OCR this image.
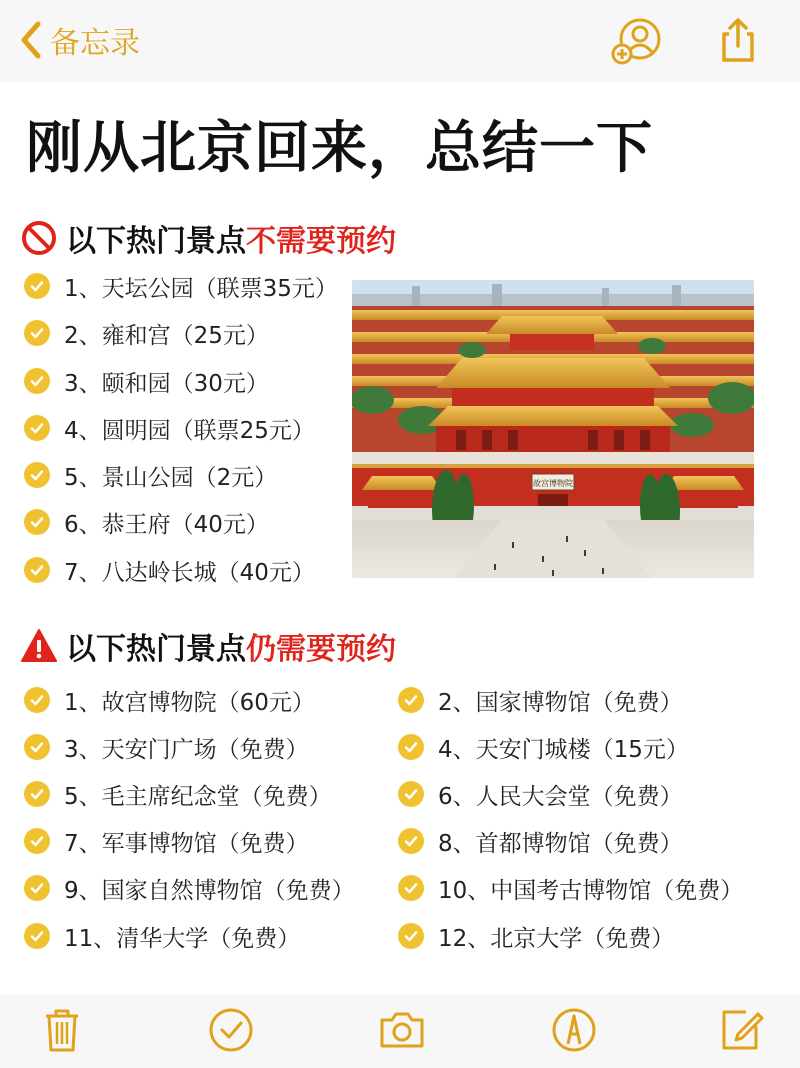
备忘录
刚从北京回来，总结一下
以下热门景点 不需要预约
1、天坛公园（联票35元）
2、雍和宫（25元）
3、颐和园（30元）
4、圆明园（联票25元）
5、景山公园（2元）
6、恭王府（40元）
7、八达岭长城（40元）
故宫博物院
以下热门景点 仍需要预约
1、故宫博物院（60元）
3、天安门广场（免费）
5、毛主席纪念堂（免费）
7、军事博物馆（免费）
9、国家自然博物馆（免费）
11、清华大学（免费）
2、国家博物馆（免费）
4、天安门城楼（15元）
6、人民大会堂（免费）
8、首都博物馆（免费）
10、中国考古博物馆（免费）
12、北京大学（免费）
